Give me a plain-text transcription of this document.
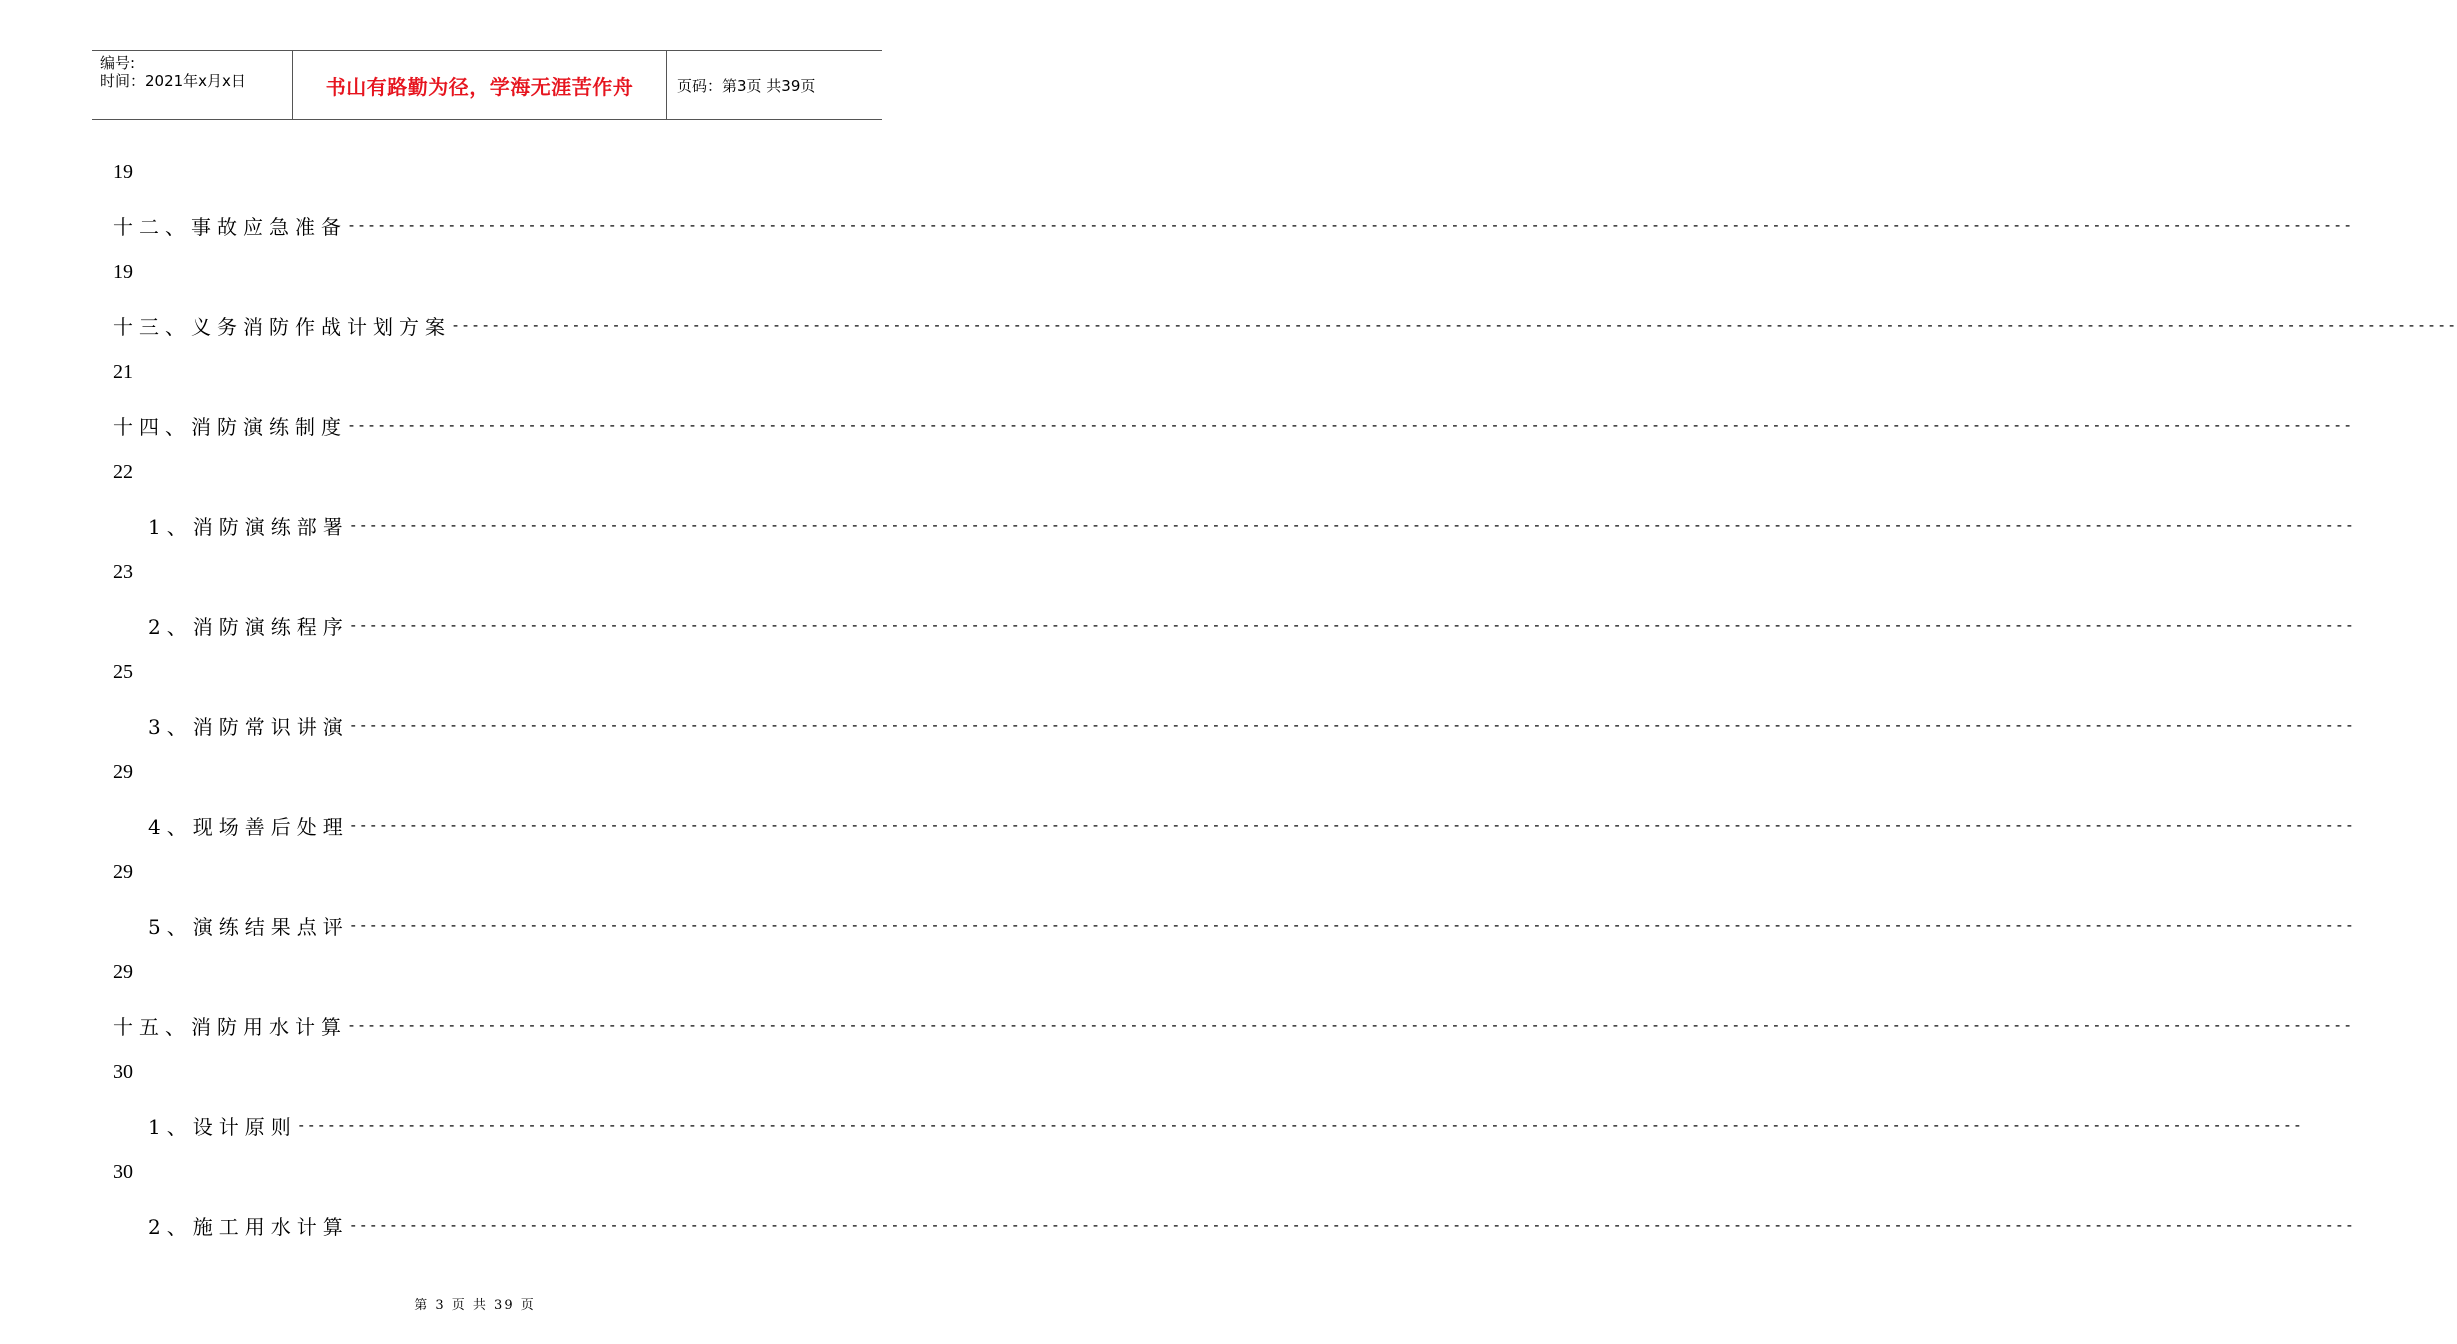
编号:
时间：2021年x月x日	书山有路勤为径，学海无涯苦作舟	页码：第3页 共39页
19
十二、事故应急准备 --------------------------------------------------------------------------------------------------------------------------------------------------------------------------------------------------------
19
十三、义务消防作战计划方案 --------------------------------------------------------------------------------------------------------------------------------------------------------------------------------------------------------
21
十四、消防演练制度 --------------------------------------------------------------------------------------------------------------------------------------------------------------------------------------------------------
22
1、消防演练部署 --------------------------------------------------------------------------------------------------------------------------------------------------------------------------------------------------------
23
2、消防演练程序 --------------------------------------------------------------------------------------------------------------------------------------------------------------------------------------------------------
25
3、消防常识讲演 --------------------------------------------------------------------------------------------------------------------------------------------------------------------------------------------------------
29
4、现场善后处理 --------------------------------------------------------------------------------------------------------------------------------------------------------------------------------------------------------
29
5、演练结果点评 --------------------------------------------------------------------------------------------------------------------------------------------------------------------------------------------------------
29
十五、消防用水计算 --------------------------------------------------------------------------------------------------------------------------------------------------------------------------------------------------------
30
1、设计原则 --------------------------------------------------------------------------------------------------------------------------------------------------------------------------------------------------------
30
2、施工用水计算 --------------------------------------------------------------------------------------------------------------------------------------------------------------------------------------------------------
第 3 页 共 39 页
